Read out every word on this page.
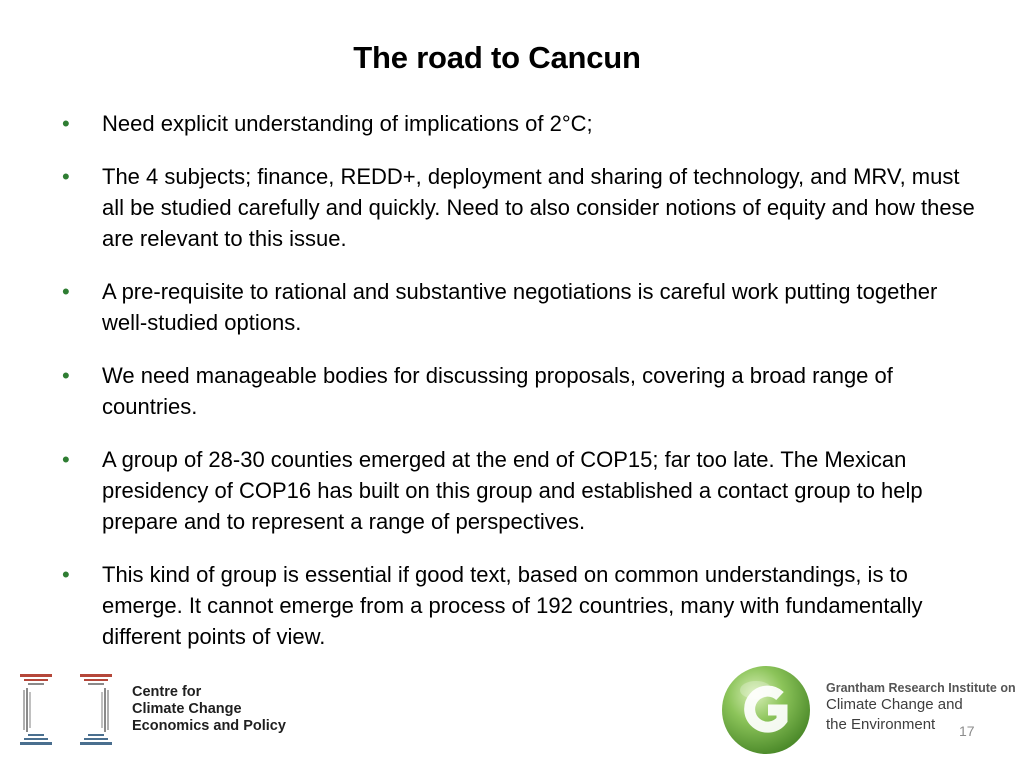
The road to Cancun
• Need explicit understanding of implications of 2°C;
• The 4 subjects; finance, REDD+, deployment and sharing of technology, and MRV, must all be studied carefully and quickly. Need to also consider notions of equity and how these are relevant to this issue.
• A pre-requisite to rational and substantive negotiations is careful work putting together well-studied options.
• We need manageable bodies for discussing proposals, covering a broad range of countries.
• A group of 28-30 counties emerged at the end of COP15; far too late. The Mexican presidency of COP16 has built on this group and established a contact group to help prepare and to represent a range of perspectives.
• This kind of group is essential if good text, based on common understandings, is to emerge. It cannot emerge from a process of 192 countries, many with fundamentally different points of view.
Centre for
Climate Change
Economics and Policy
Grantham Research Institute on
Climate Change and
the Environment	17
